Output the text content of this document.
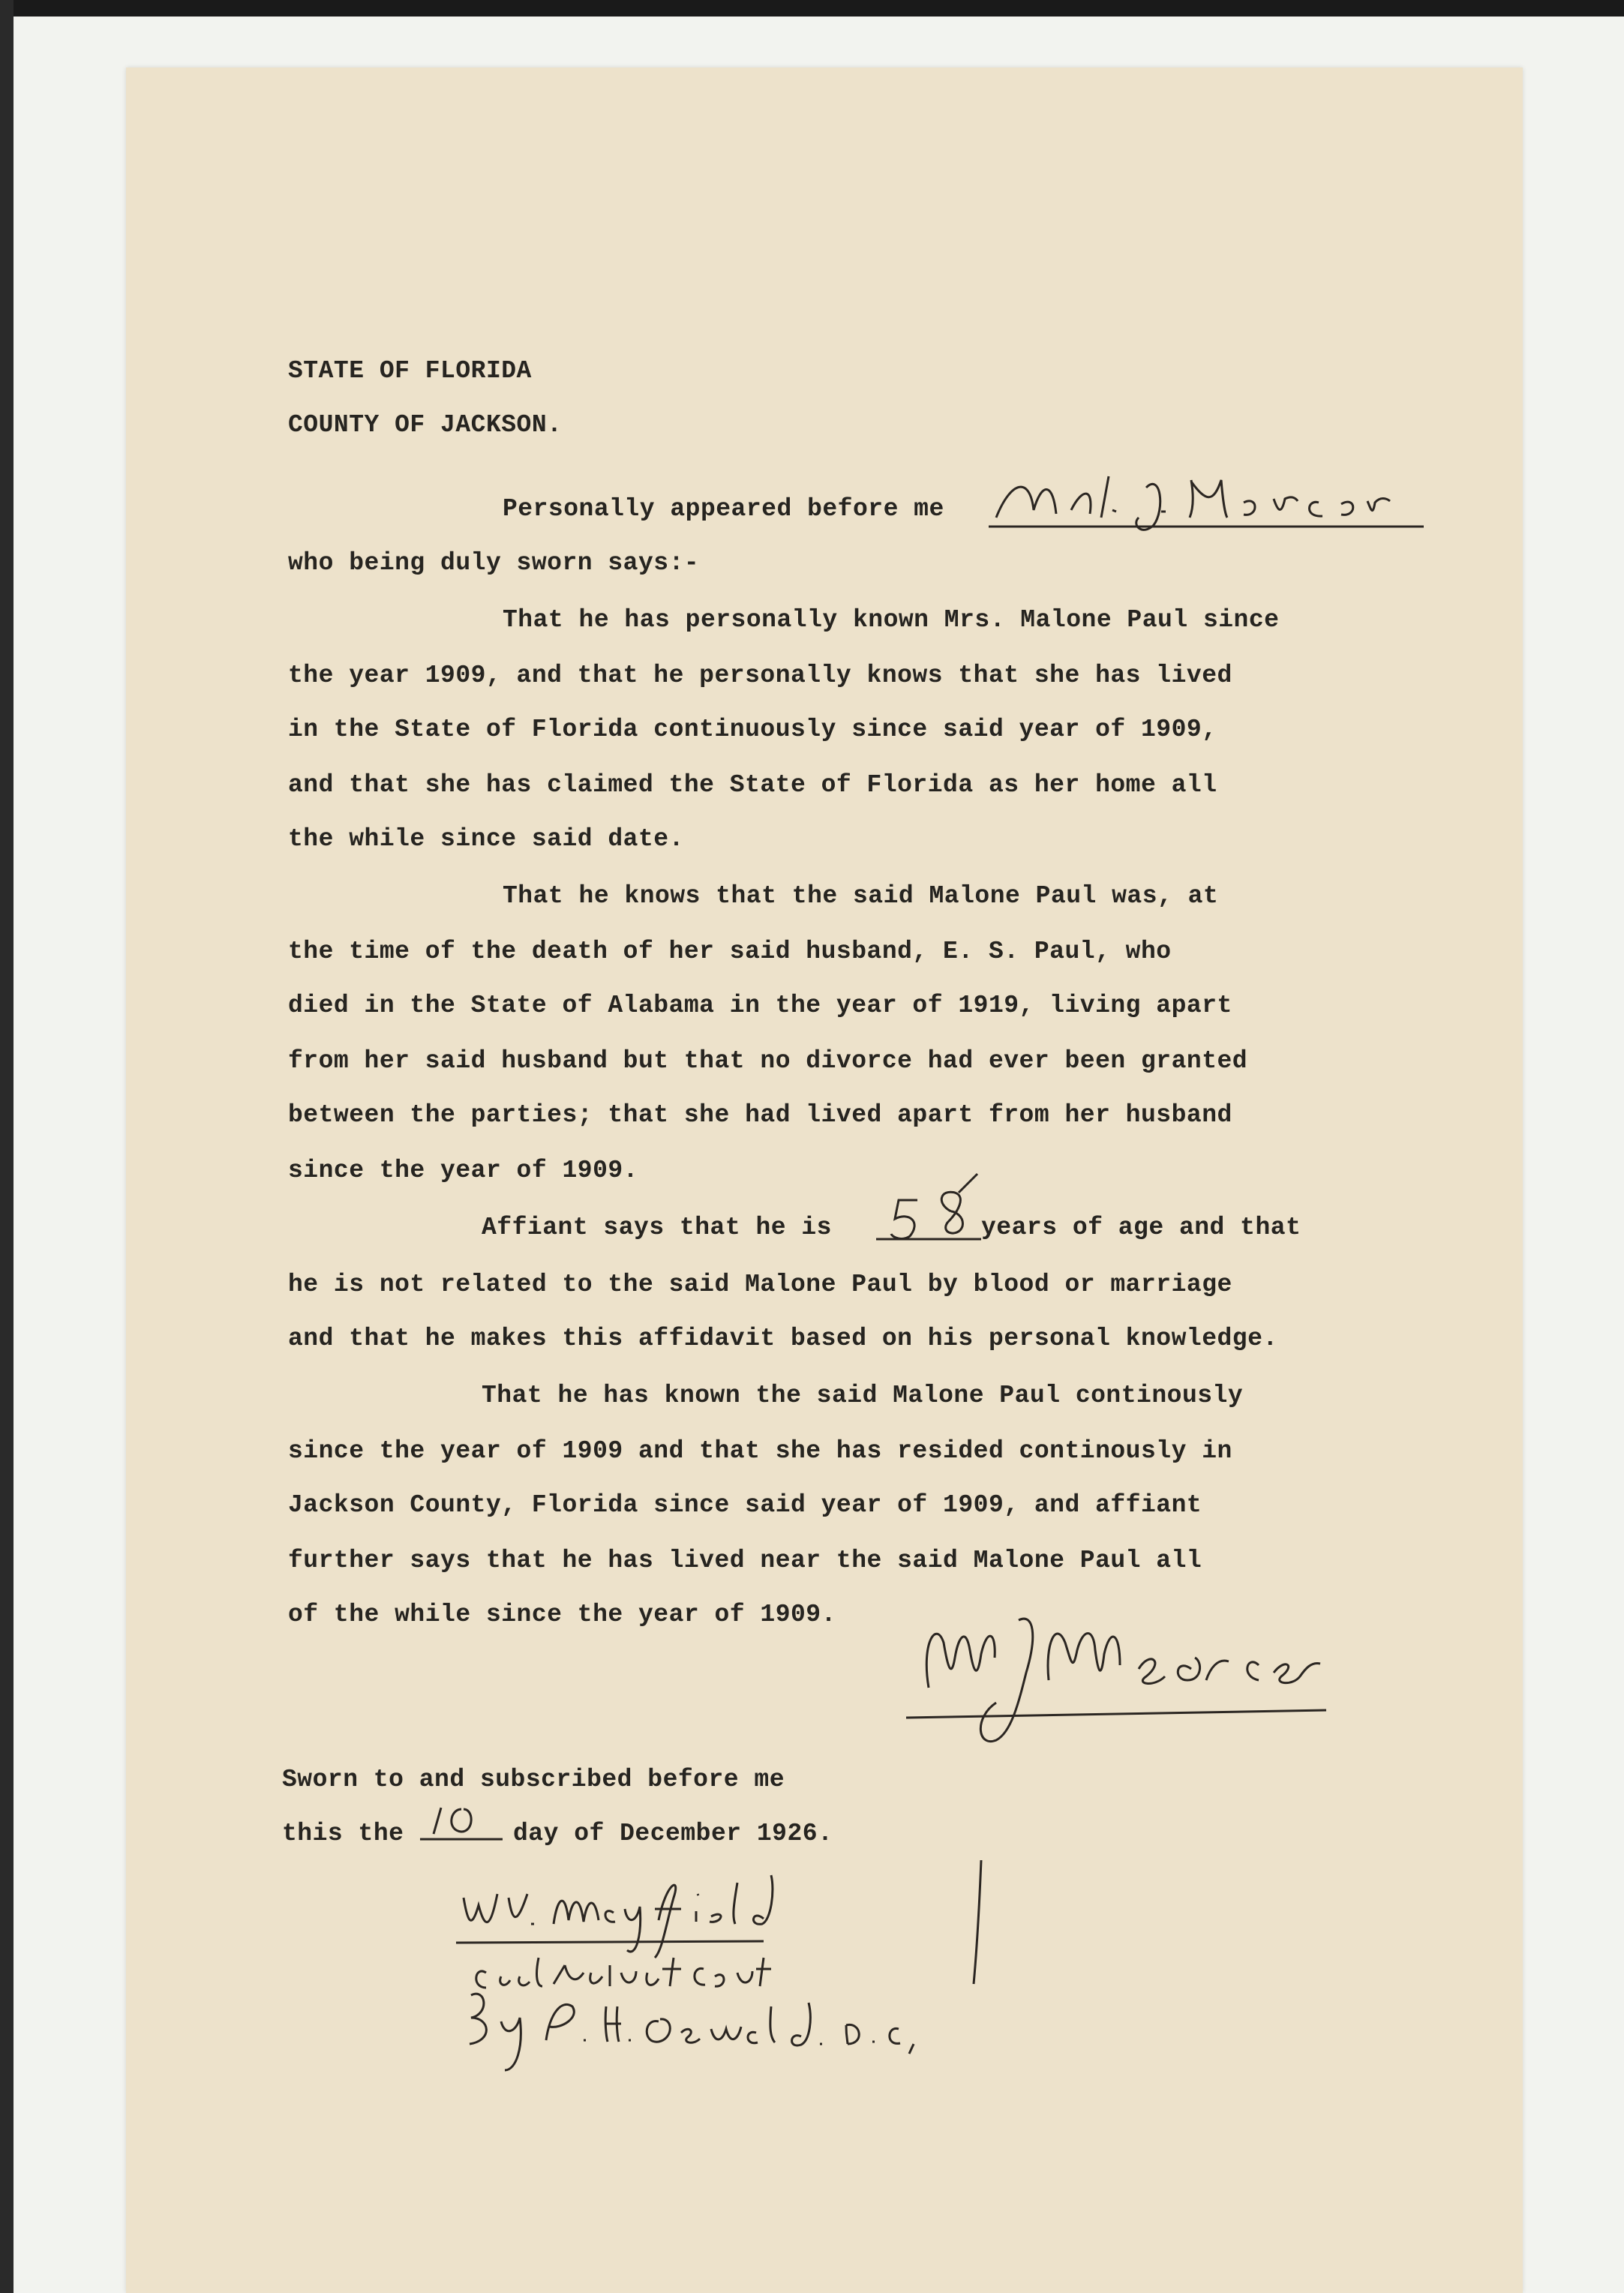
STATE OF FLORIDA
COUNTY OF JACKSON.
Personally appeared before me
who being duly sworn says:-
That he has personally known Mrs. Malone Paul since
the year 1909, and that he personally knows that she has lived
in the State of Florida continuously since said year of 1909,
and that she has claimed the State of Florida as her home all
the while since said date.
That he knows that the said Malone Paul was, at
the time of the death of her said husband, E. S. Paul, who
died in the State of Alabama in the year of 1919, living apart
from her said husband but that no divorce had ever been granted
between the parties; that she had lived apart from her husband
since the year of 1909.
Affiant says that he is	years of age and that
he is not related to the said Malone Paul by blood or marriage
and that he makes this affidavit based on his personal knowledge.
That he has known the said Malone Paul continously
since the year of 1909 and that she has resided continously in
Jackson County, Florida since said year of 1909, and affiant
further says that he has lived near the said Malone Paul all
of the while since the year of 1909.
Sworn to and subscribed before me
this the	day of December 1926.
